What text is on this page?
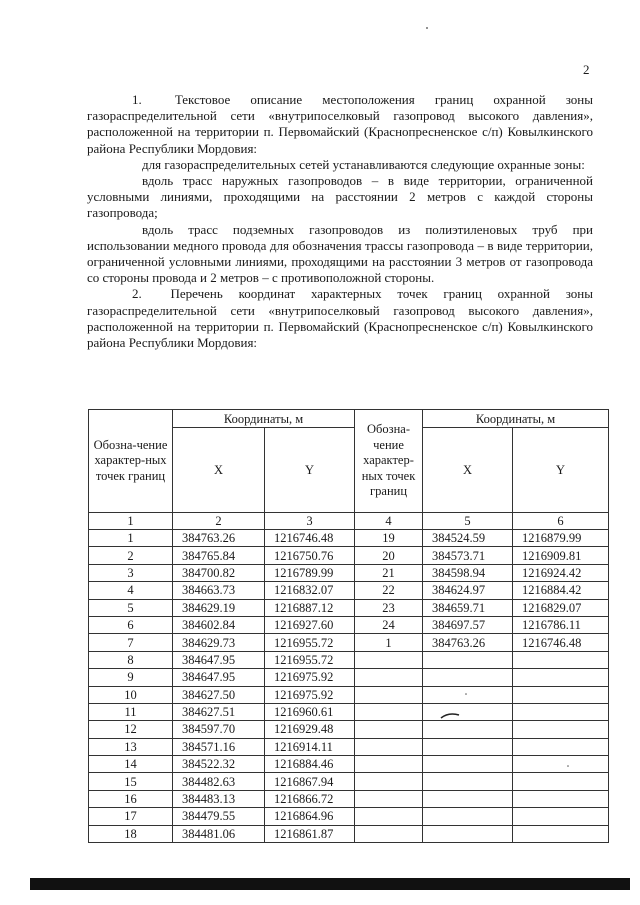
2

1.  Текстовое описание местоположения границ охранной зоны газораспределительной сети «внутрипоселковый газопровод высокого давления», расположенной на территории п. Первомайский (Краснопресненское с/п) Ковылкинского района Республики Мордовия:

для газораспределительных сетей устанавливаются следующие охранные зоны:

вдоль трасс наружных газопроводов – в виде территории, ограниченной условными линиями, проходящими на расстоянии 2 метров с каждой стороны газопровода;

вдоль трасс подземных газопроводов из полиэтиленовых труб при использовании медного провода для обозначения трассы газопровода – в виде территории, ограниченной условными линиями, проходящими на расстоянии 3 метров от газопровода со стороны провода и 2 метров – с противоположной стороны.

2.  Перечень координат характерных точек границ охранной зоны газораспределительной сети «внутрипоселковый газопровод высокого давления», расположенной на территории п. Первомайский (Краснопресненское с/п) Ковылкинского района Республики Мордовия:

Обозна-чение характер-ных точек границ	Координаты, м		Обозна-чение характер-ных точек границ	Координаты, м	
	X	Y		X	Y
1	2	3	4	5	6
1	384763.26	1216746.48	19	384524.59	1216879.99
2	384765.84	1216750.76	20	384573.71	1216909.81
3	384700.82	1216789.99	21	384598.94	1216924.42
4	384663.73	1216832.07	22	384624.97	1216884.42
5	384629.19	1216887.12	23	384659.71	1216829.07
6	384602.84	1216927.60	24	384697.57	1216786.11
7	384629.73	1216955.72	1	384763.26	1216746.48
8	384647.95	1216955.72			
9	384647.95	1216975.92			
10	384627.50	1216975.92			
11	384627.51	1216960.61			
12	384597.70	1216929.48			
13	384571.16	1216914.11			
14	384522.32	1216884.46			
15	384482.63	1216867.94			
16	384483.13	1216866.72			
17	384479.55	1216864.96			
18	384481.06	1216861.87			
